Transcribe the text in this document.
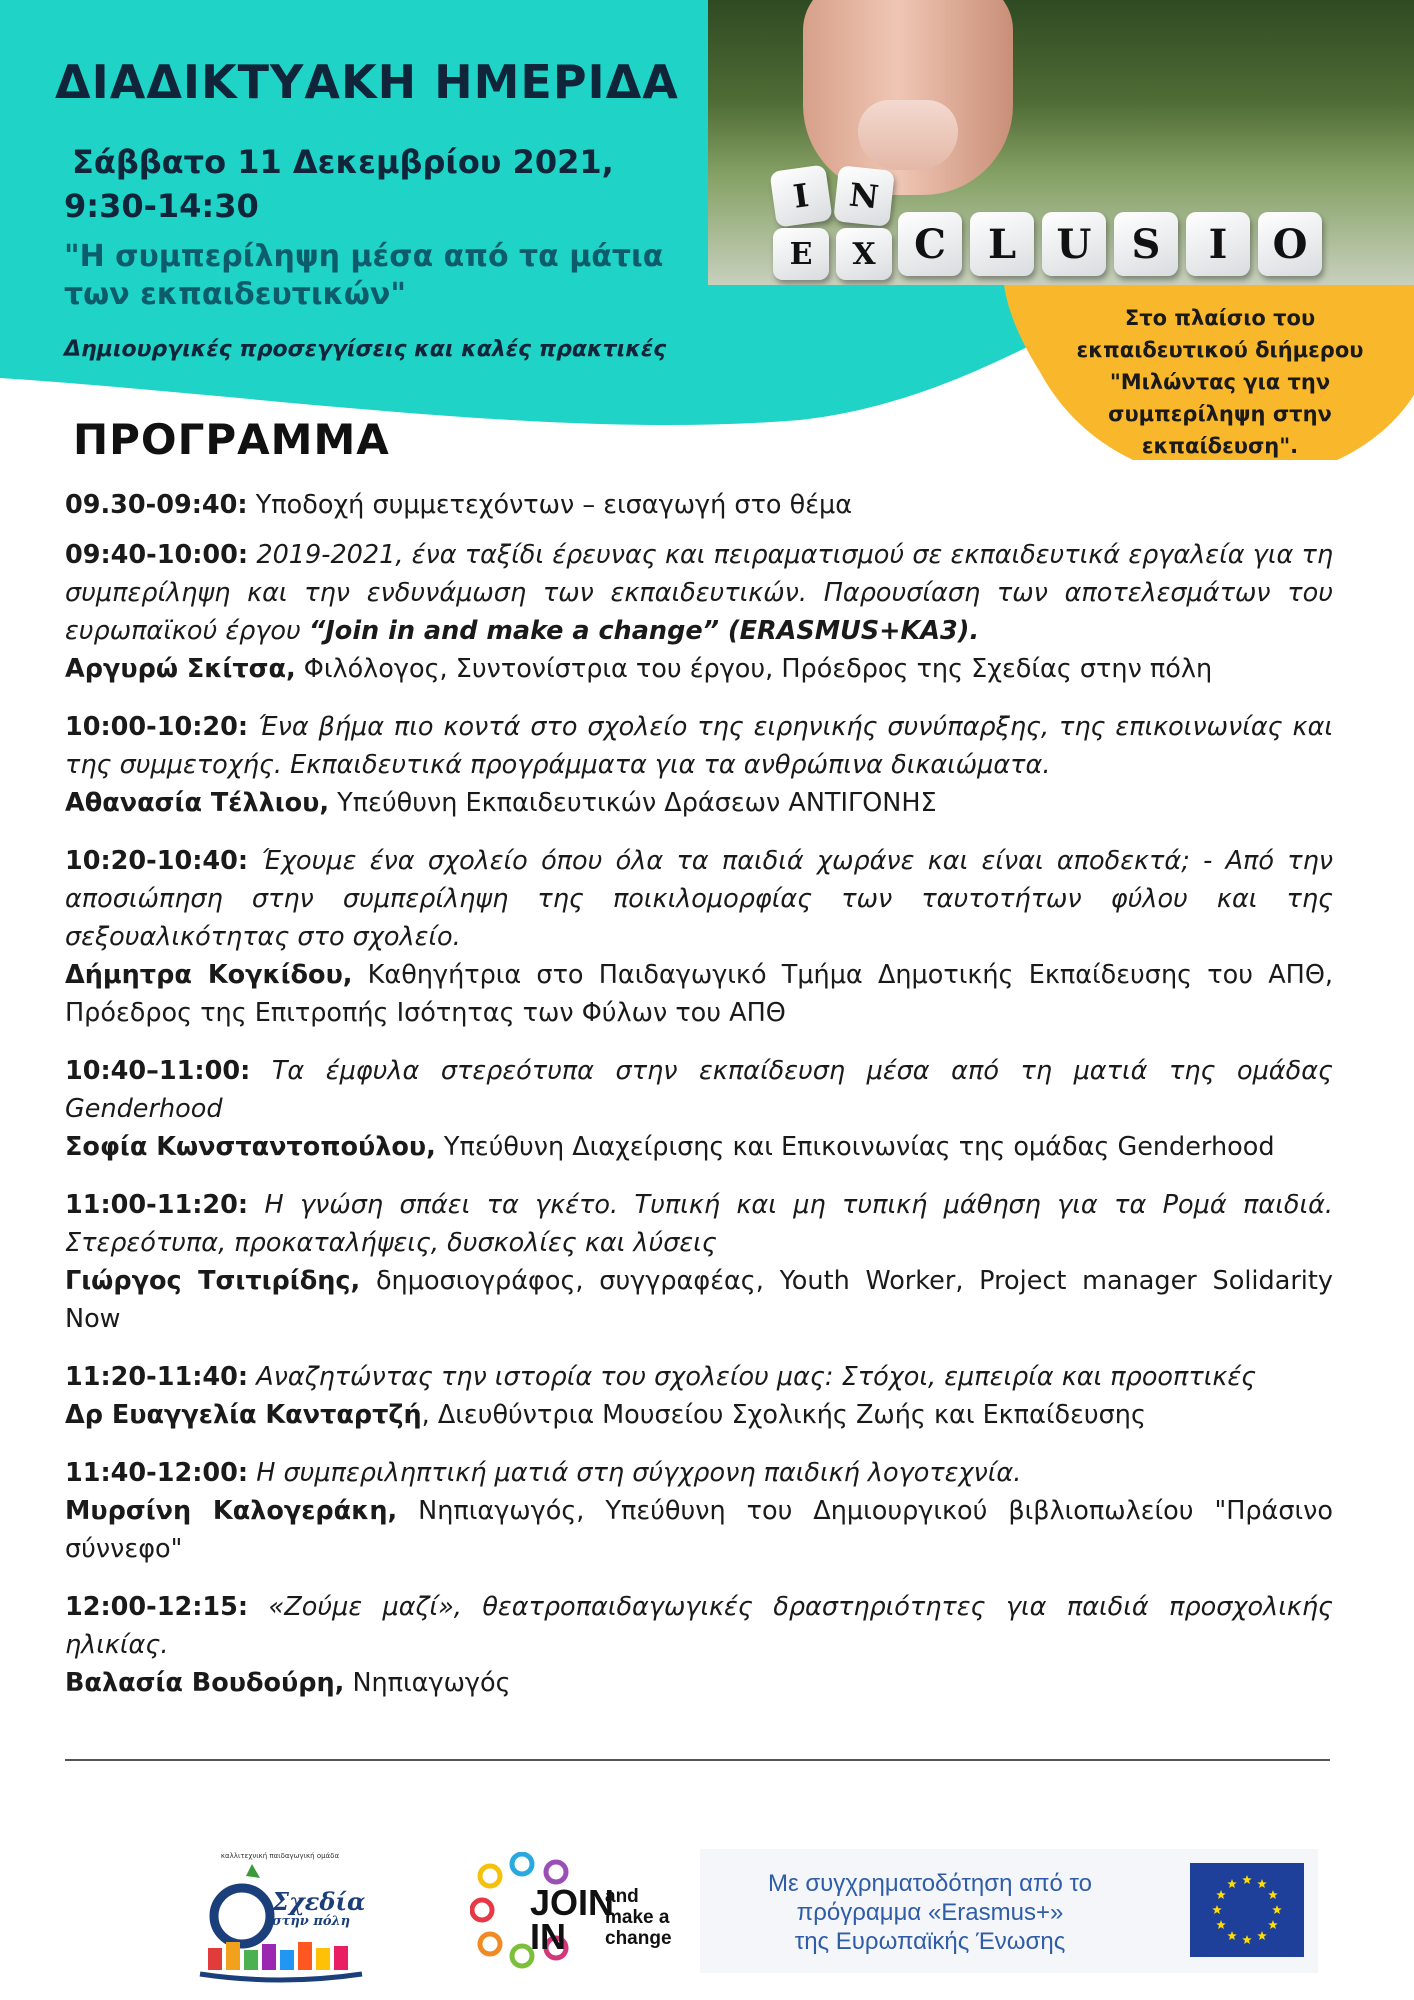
ΔΙΑΔΙΚΤΥΑΚΗ ΗΜΕΡΙΔΑ
Σάββατο 11 Δεκεμβρίου 2021,
9:30-14:30
"Η συμπερίληψη μέσα από τα μάτια
των εκπαιδευτικών"
Δημιουργικές προσεγγίσεις και καλές πρακτικές
I	N
E	X C	L	U	S	I	O
Στο πλαίσιο του
εκπαιδευτικού διήμερου
"Μιλώντας για την
συμπερίληψη στην
εκπαίδευση".
ΠΡΟΓΡΑΜΜΑ

09.30-09:40: Υποδοχή συμμετεχόντων – εισαγωγή στο θέμα

09:40-10:00: 2019-2021, ένα ταξίδι έρευνας και πειραματισμού σε εκπαιδευτικά εργαλεία για τη συμπερίληψη και την ενδυνάμωση των εκπαιδευτικών. Παρουσίαση των αποτελεσμάτων του ευρωπαϊκού έργου “Join in and make a change” (ERASMUS+KA3).
Αργυρώ Σκίτσα, Φιλόλογος, Συντονίστρια του έργου, Πρόεδρος της Σχεδίας στην πόλη

10:00-10:20: Ένα βήμα πιο κοντά στο σχολείο της ειρηνικής συνύπαρξης, της επικοινωνίας και της συμμετοχής. Εκπαιδευτικά προγράμματα για τα ανθρώπινα δικαιώματα.
Αθανασία Τέλλιου, Υπεύθυνη Εκπαιδευτικών Δράσεων ΑΝΤΙΓΟΝΗΣ

10:20-10:40: Έχουμε ένα σχολείο όπου όλα τα παιδιά χωράνε και είναι αποδεκτά; - Από την αποσιώπηση στην συμπερίληψη της ποικιλομορφίας των ταυτοτήτων φύλου και της σεξουαλικότητας στο σχολείο.
Δήμητρα Κογκίδου, Καθηγήτρια στο Παιδαγωγικό Τμήμα Δημοτικής Εκπαίδευσης του ΑΠΘ, Πρόεδρος της Επιτροπής Ισότητας των Φύλων του ΑΠΘ

10:40–11:00: Τα έμφυλα στερεότυπα στην εκπαίδευση μέσα από τη ματιά της ομάδας Genderhood
Σοφία Κωνσταντοπούλου, Υπεύθυνη Διαχείρισης και Επικοινωνίας της ομάδας Genderhood

11:00-11:20: Η γνώση σπάει τα γκέτο. Τυπική και μη τυπική μάθηση για τα Ρομά παιδιά. Στερεότυπα, προκαταλήψεις, δυσκολίες και λύσεις
Γιώργος Τσιτιρίδης, δημοσιογράφος, συγγραφέας, Youth Worker, Project manager Solidarity Now

11:20-11:40: Αναζητώντας την ιστορία του σχολείου μας: Στόχοι, εμπειρία και προοπτικές
Δρ Ευαγγελία Κανταρτζή, Διευθύντρια Μουσείου Σχολικής Ζωής και Εκπαίδευσης

11:40-12:00: Η συμπεριληπτική ματιά στη σύγχρονη παιδική λογοτεχνία.
Μυρσίνη Καλογεράκη, Νηπιαγωγός, Υπεύθυνη του Δημιουργικού βιβλιοπωλείου "Πράσινο σύννεφο"

12:00-12:15: «Ζούμε μαζί», θεατροπαιδαγωγικές δραστηριότητες για παιδιά προσχολικής ηλικίας.
Βαλασία Βουδούρη, Νηπιαγωγός

καλλιτεχνική παιδαγωγική ομάδα
Σχεδία
στην πόλη	JOIN
IN
and
make a
change
Με συγχρηματοδότηση από το
πρόγραμμα «Erasmus+»
της Ευρωπαϊκής Ένωσης
